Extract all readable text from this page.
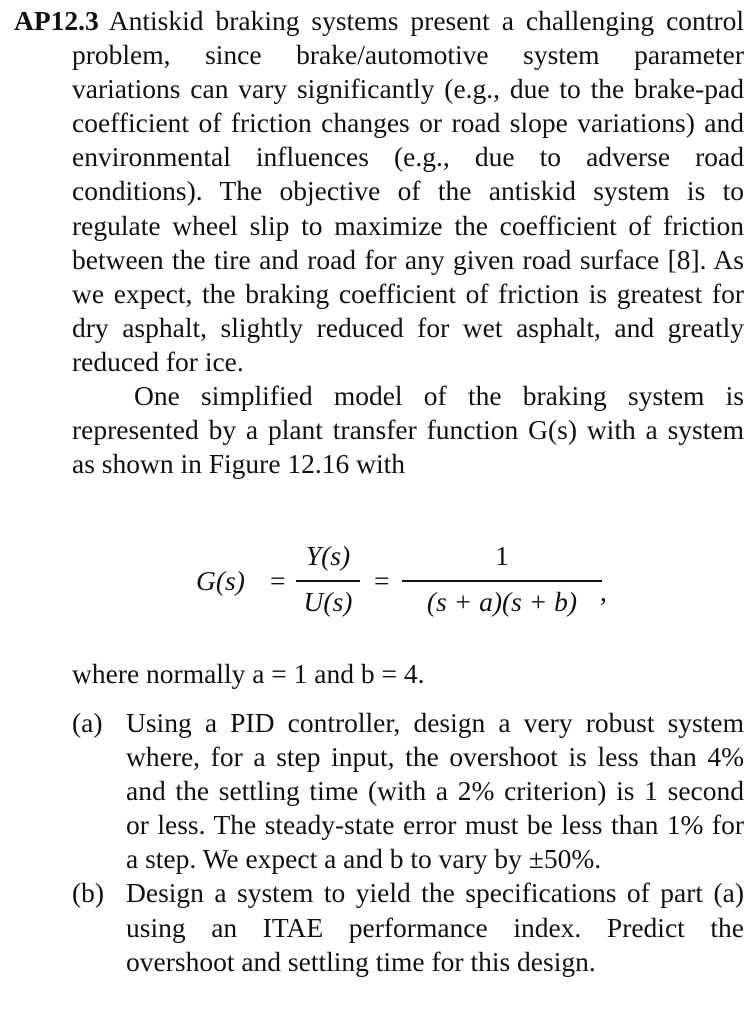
AP12.3 Antiskid braking systems present a challenging control problem, since brake/automotive system parameter variations can vary significantly (e.g., due to the brake-pad coefficient of friction changes or road slope variations) and environmental influences (e.g., due to adverse road conditions). The objective of the antiskid system is to regulate wheel slip to maximize the coefficient of friction between the tire and road for any given road surface [8]. As we expect, the braking coefficient of friction is greatest for dry asphalt, slightly reduced for wet asphalt, and greatly reduced for ice.
One simplified model of the braking system is represented by a plant transfer function G(s) with a system as shown in Figure 12.16 with
G(s) =
Y(s)
U(s)
=
1
(s + a)(s + b) ,
where normally a = 1 and b = 4.
(a) Using a PID controller, design a very robust system where, for a step input, the overshoot is less than 4% and the settling time (with a 2% criterion) is 1 second or less. The steady-state error must be less than 1% for a step. We expect a and b to vary by ±50%.
(b) Design a system to yield the specifications of part (a) using an ITAE performance index. Predict the overshoot and settling time for this design.
